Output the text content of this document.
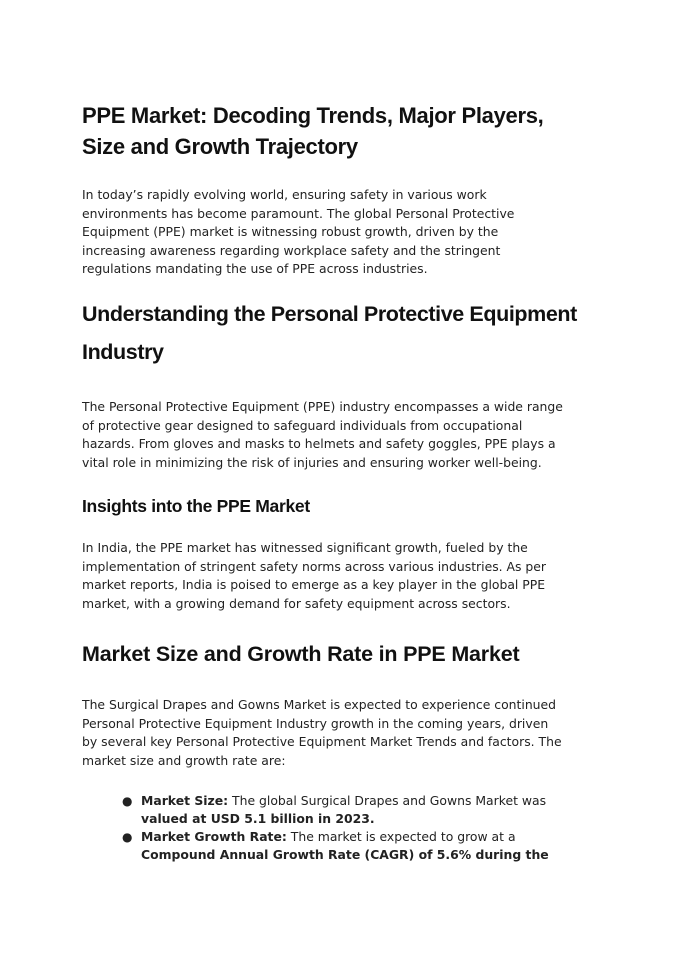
PPE Market: Decoding Trends, Major Players,
Size and Growth Trajectory

In today’s rapidly evolving world, ensuring safety in various work
environments has become paramount. The global Personal Protective
Equipment (PPE) market is witnessing robust growth, driven by the
increasing awareness regarding workplace safety and the stringent
regulations mandating the use of PPE across industries.

Understanding the Personal Protective Equipment
Industry

The Personal Protective Equipment (PPE) industry encompasses a wide range
of protective gear designed to safeguard individuals from occupational
hazards. From gloves and masks to helmets and safety goggles, PPE plays a
vital role in minimizing the risk of injuries and ensuring worker well-being.

Insights into the PPE Market

In India, the PPE market has witnessed significant growth, fueled by the
implementation of stringent safety norms across various industries. As per
market reports, India is poised to emerge as a key player in the global PPE
market, with a growing demand for safety equipment across sectors.

Market Size and Growth Rate in PPE Market

The Surgical Drapes and Gowns Market is expected to experience continued
Personal Protective Equipment Industry growth in the coming years, driven
by several key Personal Protective Equipment Market Trends and factors. The
market size and growth rate are:

● Market Size: The global Surgical Drapes and Gowns Market was
valued at USD 5.1 billion in 2023.
● Market Growth Rate: The market is expected to grow at a
Compound Annual Growth Rate (CAGR) of 5.6% during the
